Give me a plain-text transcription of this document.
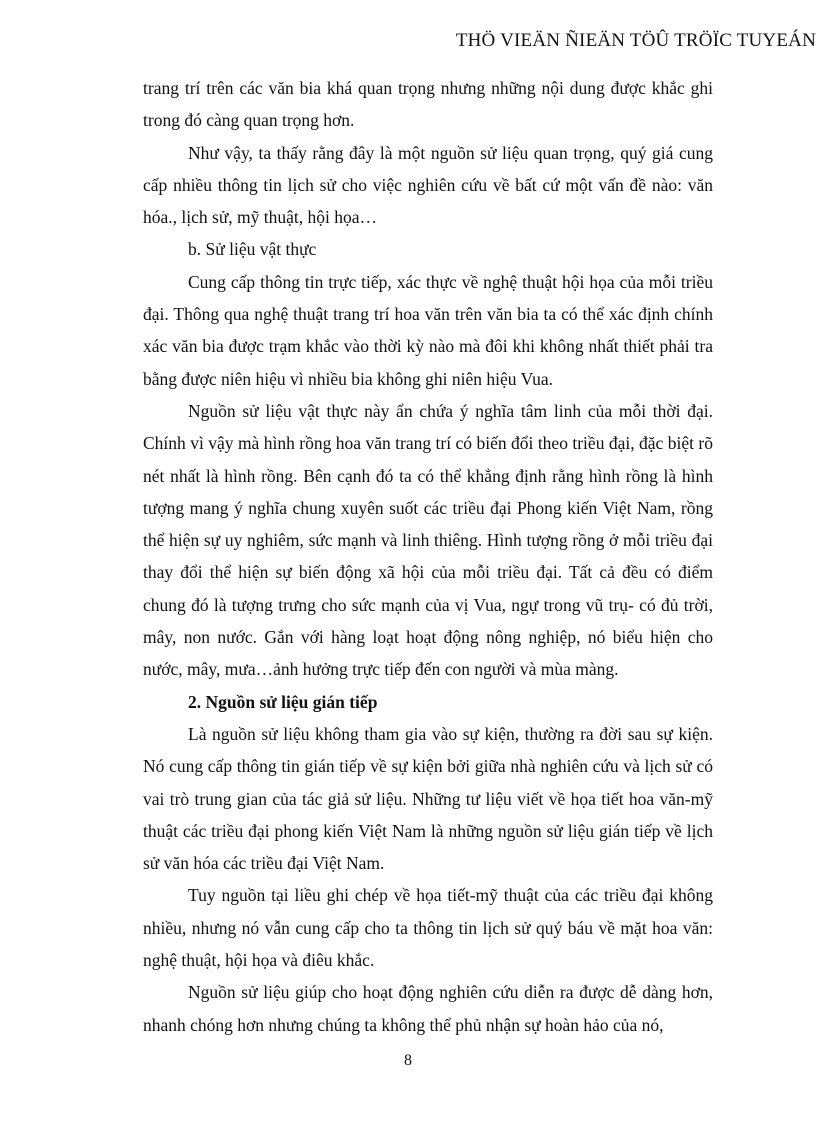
THÖ VIEÄN ÑIEÄN TÖÛ TRÖÏC TUYEÁN

trang trí trên các văn bia khá quan trọng nhưng những nội dung được khắc ghi trong đó càng quan trọng hơn.

Như vậy, ta thấy rằng đây là một nguồn sử liệu quan trọng, quý giá cung cấp nhiều thông tin lịch sử cho việc nghiên cứu về bất cứ một vấn đề nào: văn hóa., lịch sử, mỹ thuật, hội họa…

b. Sử liệu vật thực

Cung cấp thông tin trực tiếp, xác thực về nghệ thuật hội họa của mỗi triều đại. Thông qua nghệ thuật trang trí hoa văn trên văn bia ta có thể xác định chính xác văn bia được trạm khắc vào thời kỳ nào mà đôi khi không nhất thiết phải tra bằng được niên hiệu vì nhiều bia không ghi niên hiệu Vua.

Nguồn sử liệu vật thực này ẩn chứa ý nghĩa tâm linh của mỗi thời đại. Chính vì vậy mà hình rồng hoa văn trang trí có biến đổi theo triều đại, đặc biệt rõ nét nhất là hình rồng. Bên cạnh đó ta có thể khẳng định rằng hình rồng là hình tượng mang ý nghĩa chung xuyên suốt các triều đại Phong kiến Việt Nam, rồng thể hiện sự uy nghiêm, sức mạnh và linh thiêng. Hình tượng rồng ở mỗi triều đại thay đổi thể hiện sự biến động xã hội của mỗi triều đại. Tất cả đều có điểm chung đó là tượng trưng cho sức mạnh của vị Vua, ngự trong vũ trụ- có đủ trời, mây, non nước. Gắn với hàng loạt hoạt động nông nghiệp, nó biểu hiện cho nước, mây, mưa…ảnh hưởng trực tiếp đến con người và mùa màng.

2. Nguồn sử liệu gián tiếp

Là nguồn sử liệu không tham gia vào sự kiện, thường ra đời sau sự kiện. Nó cung cấp thông tin gián tiếp về sự kiện bởi giữa nhà nghiên cứu và lịch sử có vai trò trung gian của tác giả sử liệu. Những tư liệu viết về họa tiết hoa văn-mỹ thuật các triều đại phong kiến Việt Nam là những nguồn sử liệu gián tiếp về lịch sử văn hóa các triều đại Việt Nam.

Tuy nguồn tại liều ghi chép về họa tiết-mỹ thuật của các triều đại không nhiều, nhưng nó vẫn cung cấp cho ta thông tin lịch sử quý báu về mặt hoa văn: nghệ thuật, hội họa và điêu khắc.

Nguồn sử liệu giúp cho hoạt động nghiên cứu diễn ra được dễ dàng hơn, nhanh chóng hơn nhưng chúng ta không thể phủ nhận sự hoàn hảo của nó,

8
